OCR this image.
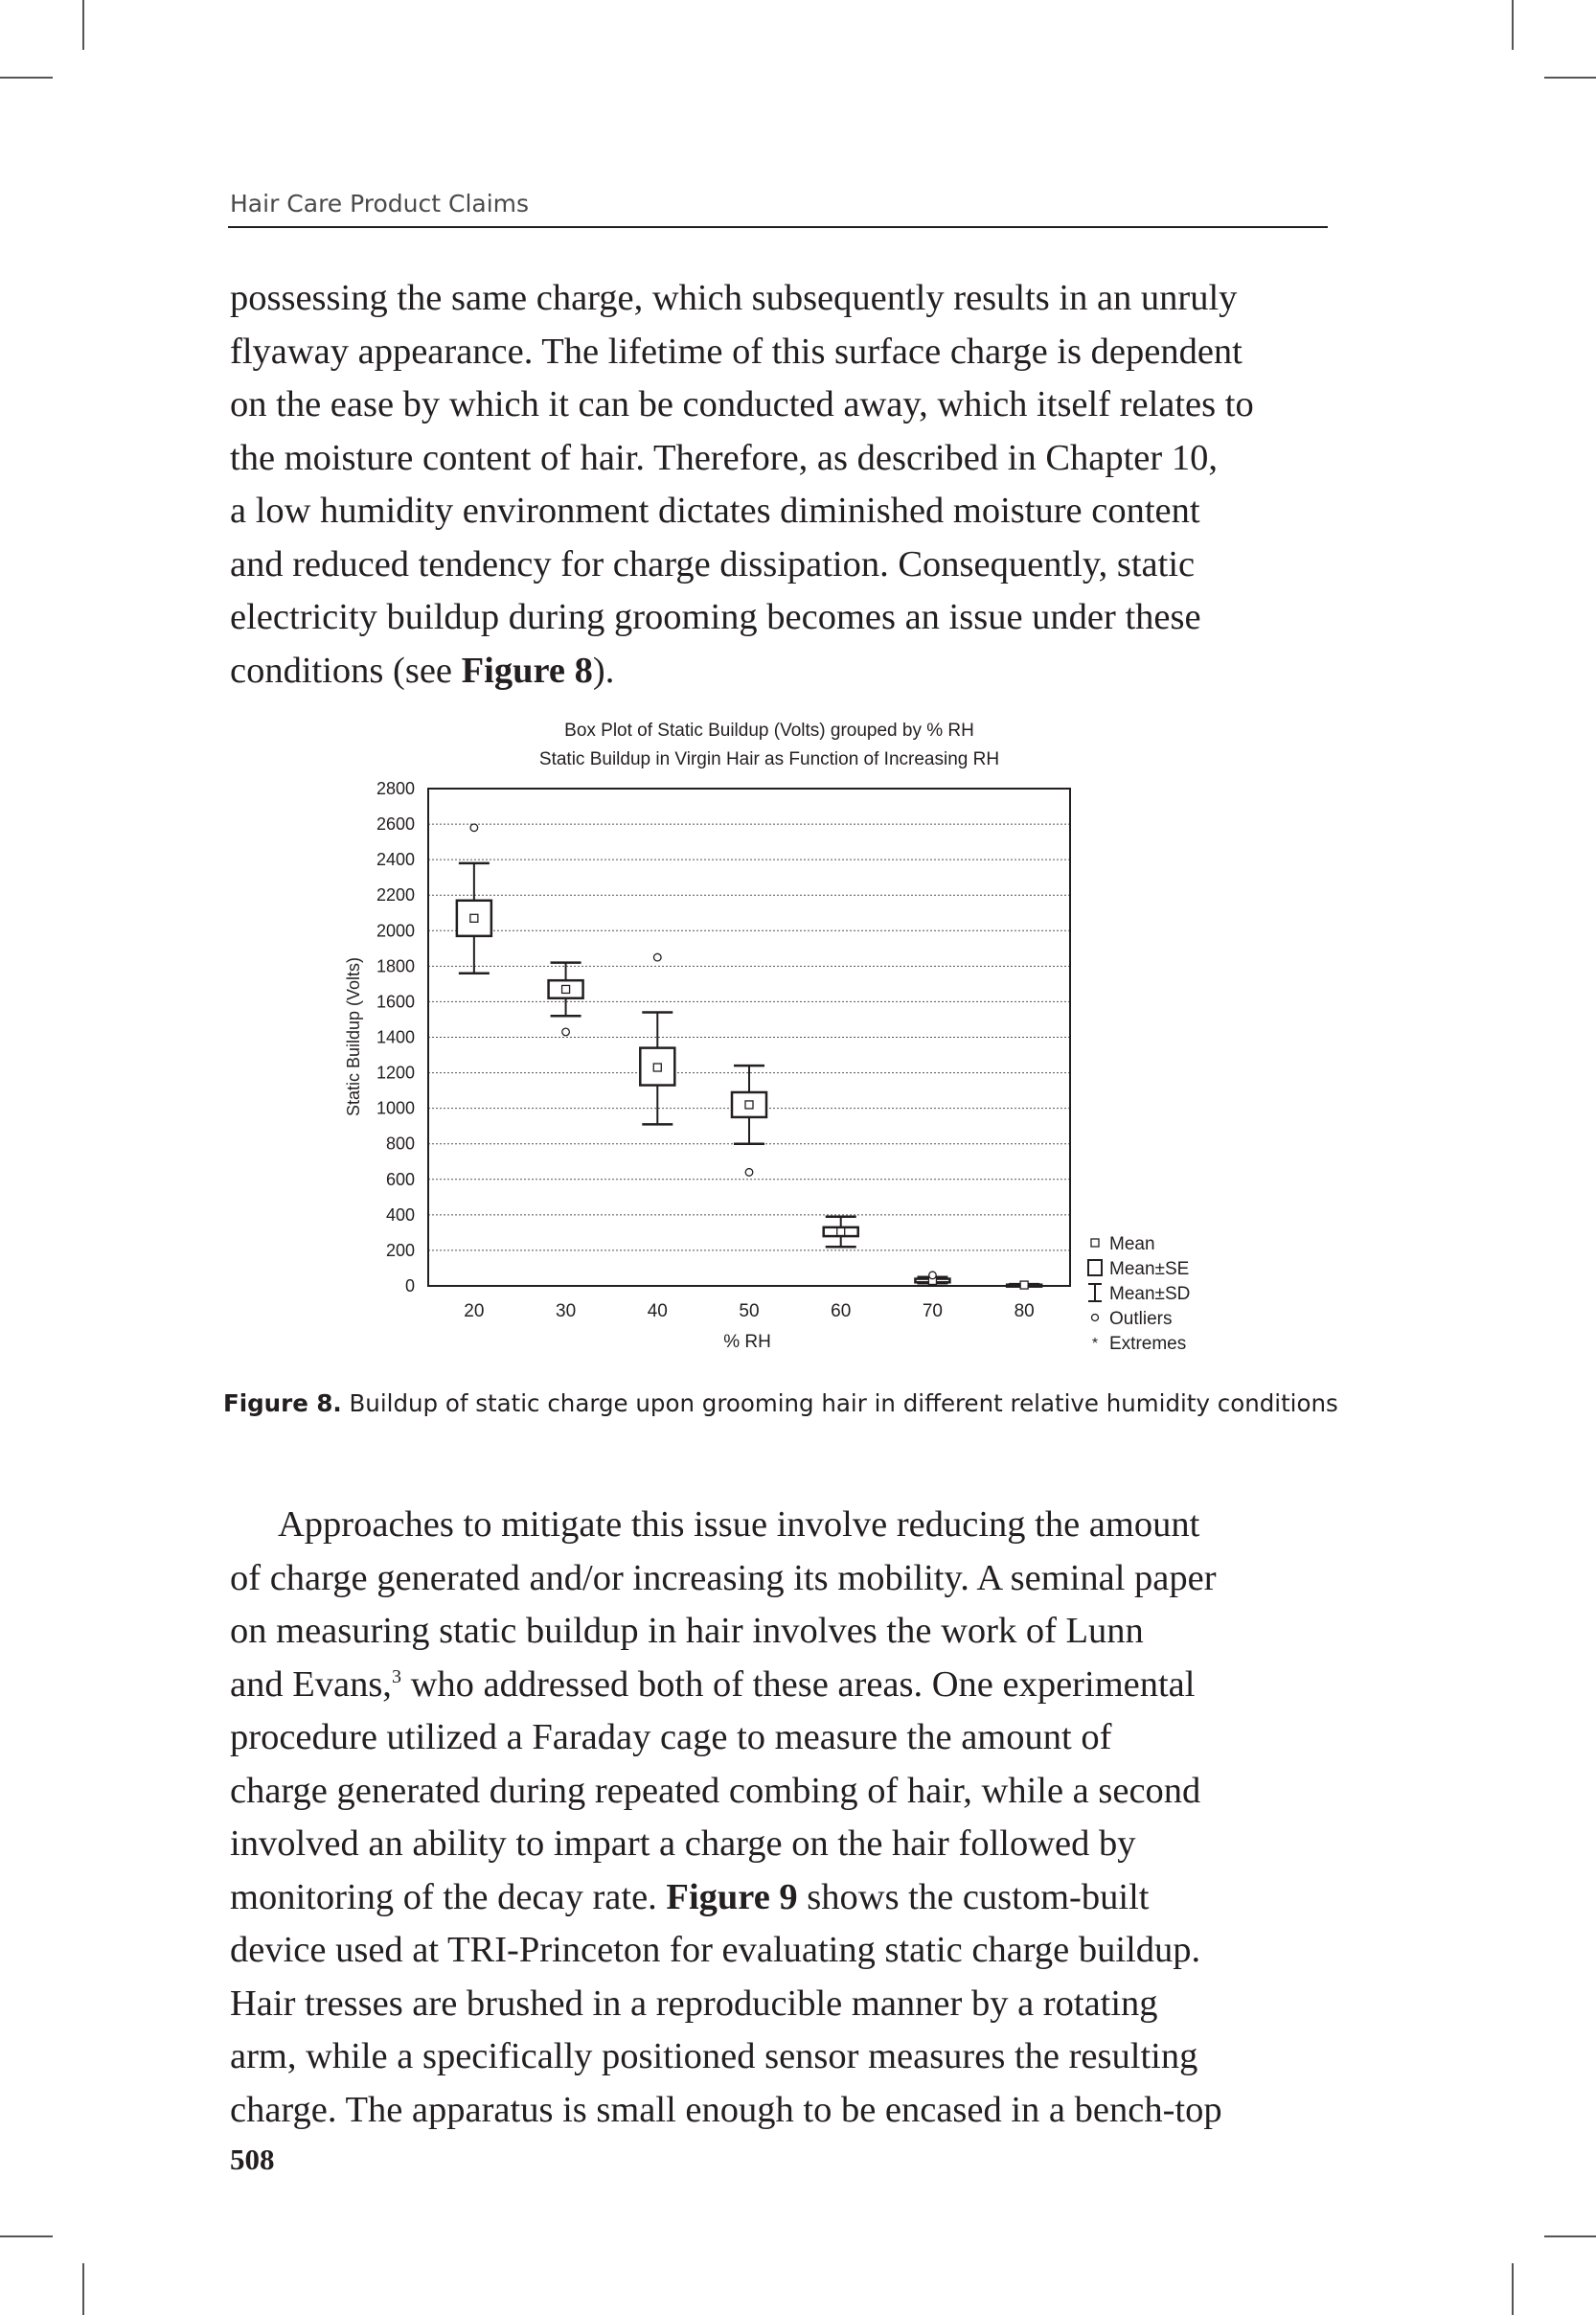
Hair Care Product Claims

possessing the same charge, which subsequently results in an unruly
flyaway appearance. The lifetime of this surface charge is dependent
on the ease by which it can be conducted away, which itself relates to
the moisture content of hair. Therefore, as described in Chapter 10,
a low humidity environment dictates diminished moisture content
and reduced tendency for charge dissipation. Consequently, static
electricity buildup during grooming becomes an issue under these
conditions (see Figure 8).

Box Plot of Static Buildup (Volts) grouped by % RH
Static Buildup in Virgin Hair as Function of Increasing RH
Static Buildup (Volts)
% RH
0
200
400
600
800
1000
1200
1400
1600
1800
2000
2200
2400
2600
2800
20	30	40	50	60	70	80
Mean
Mean±SE
Mean±SD
Outliers
* Extremes
Figure 8. Buildup of static charge upon grooming hair in different relative humidity conditions

Approaches to mitigate this issue involve reducing the amount
of charge generated and/or increasing its mobility. A seminal paper
on measuring static buildup in hair involves the work of Lunn
and Evans,$^3$ who addressed both of these areas. One experimental
procedure utilized a Faraday cage to measure the amount of
charge generated during repeated combing of hair, while a second
involved an ability to impart a charge on the hair followed by
monitoring of the decay rate. Figure 9 shows the custom-built
device used at TRI-Princeton for evaluating static charge buildup.
Hair tresses are brushed in a reproducible manner by a rotating
arm, while a specifically positioned sensor measures the resulting
charge. The apparatus is small enough to be encased in a bench-top

508
